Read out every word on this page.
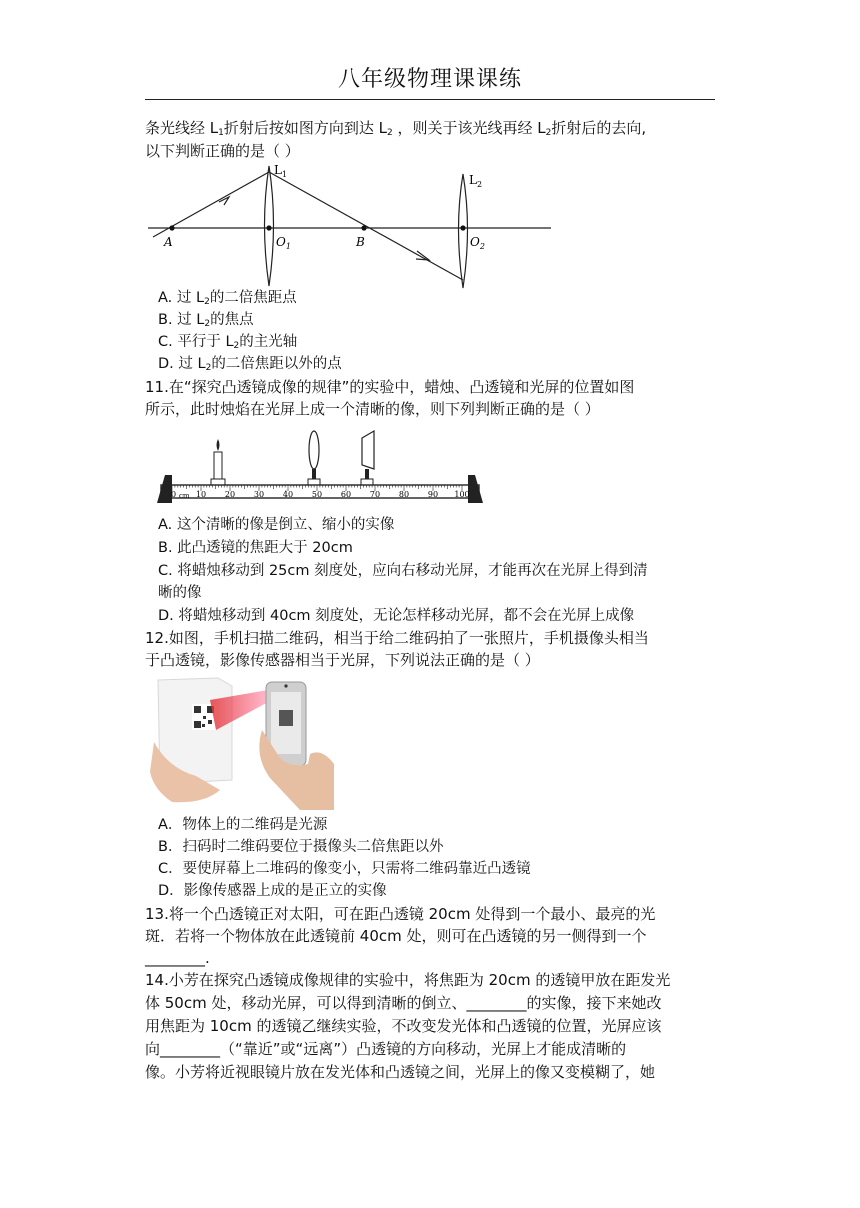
八年级物理课课练
条光线经 $L_1$折射后按如图方向到达 $L_2$ ，则关于该光线再经 $L_2$折射后的去向,
以下判断正确的是（ ）
A	$O_1$	B	$O_2$
$L_1$	$L_2$
A. 过 $L_2$的二倍焦距点
B. 过 $L_2$的焦点
C. 平行于 $L_2$的主光轴
D. 过 $L_2$的二倍焦距以外的点
11.在“探究凸透镜成像的规律”的实验中，蜡烛、凸透镜和光屏的位置如图
所示，此时烛焰在光屏上成一个清晰的像，则下列判断正确的是（ ）
0 10 20 30 40 50 60 70 80 90 100
cm
A. 这个清晰的像是倒立、缩小的实像
B. 此凸透镜的焦距大于 20cm
C. 将蜡烛移动到 25cm 刻度处，应向右移动光屏，才能再次在光屏上得到清
晰的像
D. 将蜡烛移动到 40cm 刻度处，无论怎样移动光屏，都不会在光屏上成像
12.如图，手机扫描二维码，相当于给二维码拍了一张照片，手机摄像头相当
于凸透镜，影像传感器相当于光屏，下列说法正确的是（ ）
A．物体上的二维码是光源
B．扫码时二维码要位于摄像头二倍焦距以外
C．要使屏幕上二堆码的像变小，只需将二维码靠近凸透镜
D．影像传感器上成的是正立的实像
13.将一个凸透镜正对太阳，可在距凸透镜 20cm 处得到一个最小、最亮的光
斑．若将一个物体放在此透镜前 40cm 处，则可在凸透镜的另一侧得到一个
________.
14.小芳在探究凸透镜成像规律的实验中，将焦距为 20cm 的透镜甲放在距发光
体 50cm 处，移动光屏，可以得到清晰的倒立、________的实像，接下来她改
用焦距为 10cm 的透镜乙继续实验，不改变发光体和凸透镜的位置，光屏应该
向________（“靠近”或“远离”）凸透镜的方向移动，光屏上才能成清晰的
像。小芳将近视眼镜片放在发光体和凸透镜之间，光屏上的像又变模糊了，她
